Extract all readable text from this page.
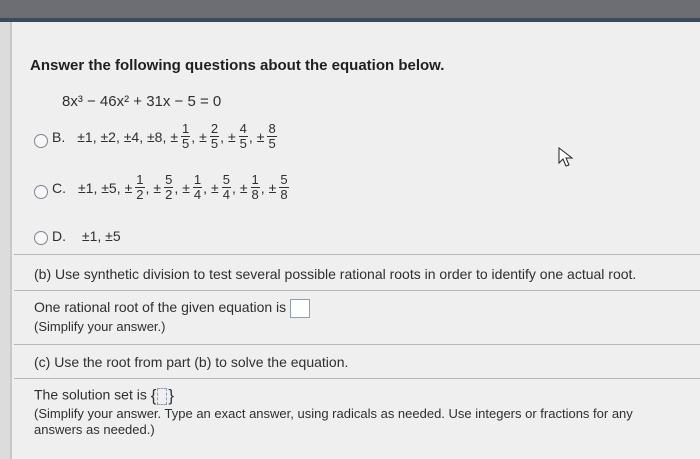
Answer the following questions about the equation below.
8x³ − 46x² + 31x − 5 = 0
B. ±1, ±2, ±4, ±8, ± $\frac{1}{5}$ , ± $\frac{2}{5}$ , ± $\frac{4}{5}$ , ± $\frac{8}{5}$
C. ±1, ±5, ± $\frac{1}{2}$ , ± $\frac{5}{2}$ , ± $\frac{1}{4}$ , ± $\frac{5}{4}$ , ± $\frac{1}{8}$ , ± $\frac{5}{8}$
D. ±1, ±5
(b) Use synthetic division to test several possible rational roots in order to identify one actual root.
One rational root of the given equation is
(Simplify your answer.)
(c) Use the root from part (b) to solve the equation.
The solution set is { }
(Simplify your answer. Type an exact answer, using radicals as needed. Use integers or fractions for any
answers as needed.)
